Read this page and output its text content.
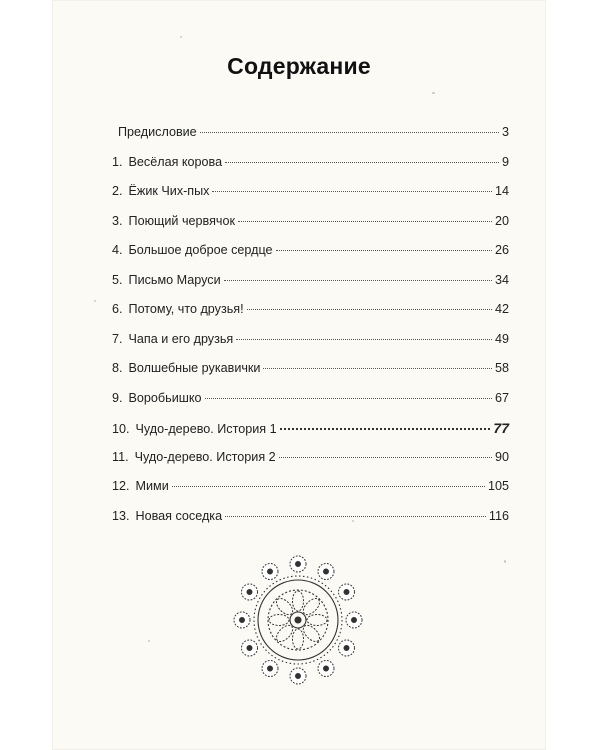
Содержание
Предисловие	3
1. Весёлая корова	9
2. Ёжик Чих-пых	14
3. Поющий червячок	20
4. Большое доброе сердце	26
5. Письмо Маруси	34
6. Потому, что друзья!	42
7. Чапа и его друзья	49
8. Волшебные рукавички	58
9. Воробьишко	67
10. Чудо-дерево. История 1	77
11. Чудо-дерево. История 2	90
12. Мими	105
13. Новая соседка	116
